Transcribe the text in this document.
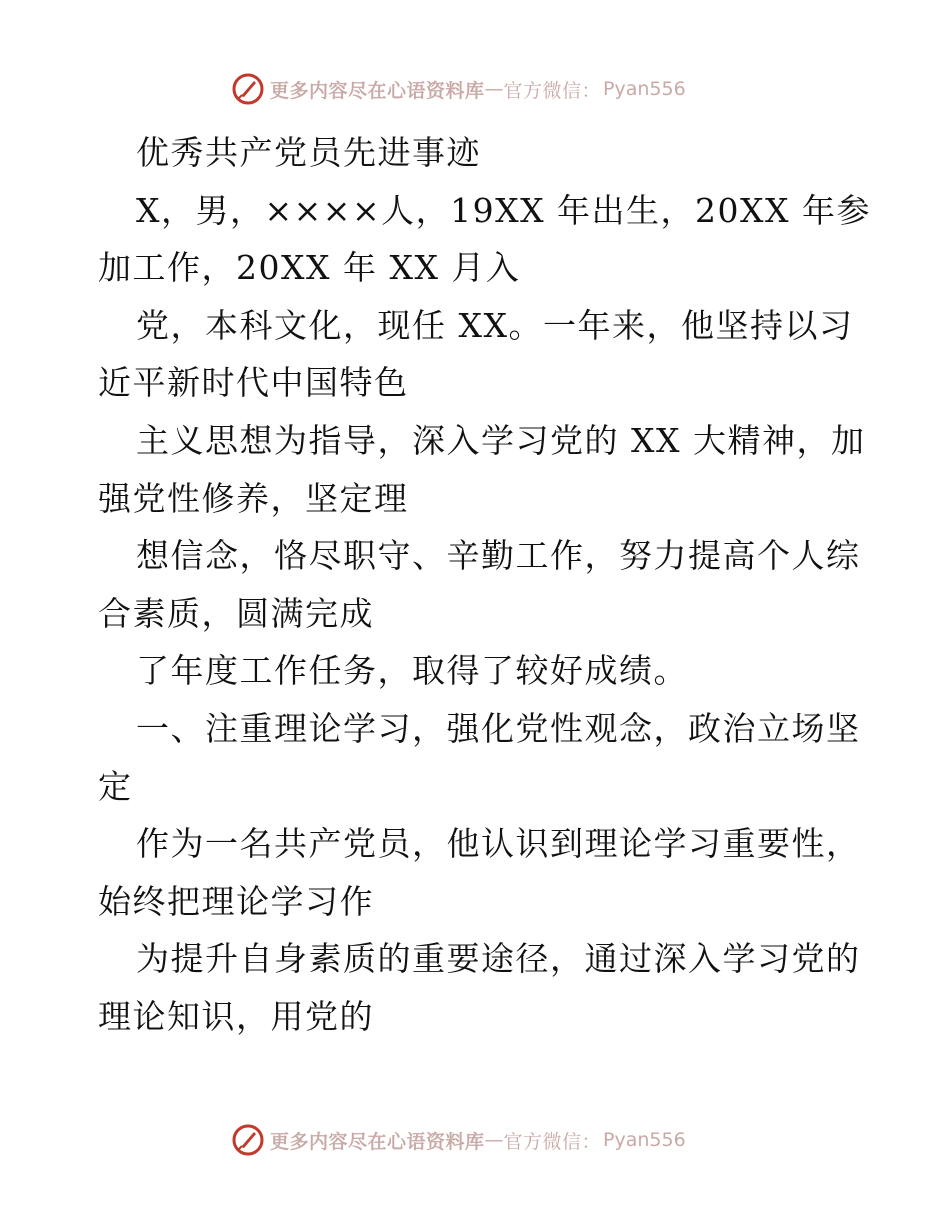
更多内容尽在心语资料库 — 官方微信： Pyan556
优秀共产党员先进事迹
X，男，××××人，19XX 年出生，20XX 年参
加工作，20XX 年 XX 月入
党，本科文化，现任 XX。一年来，他坚持以习
近平新时代中国特色
主义思想为指导，深入学习党的 XX 大精神，加
强党性修养，坚定理
想信念，恪尽职守、辛勤工作，努力提高个人综
合素质，圆满完成
了年度工作任务，取得了较好成绩。
一、注重理论学习，强化党性观念，政治立场坚
定
作为一名共产党员，他认识到理论学习重要性，
始终把理论学习作
为提升自身素质的重要途径，通过深入学习党的
理论知识，用党的
更多内容尽在心语资料库 — 官方微信： Pyan556
